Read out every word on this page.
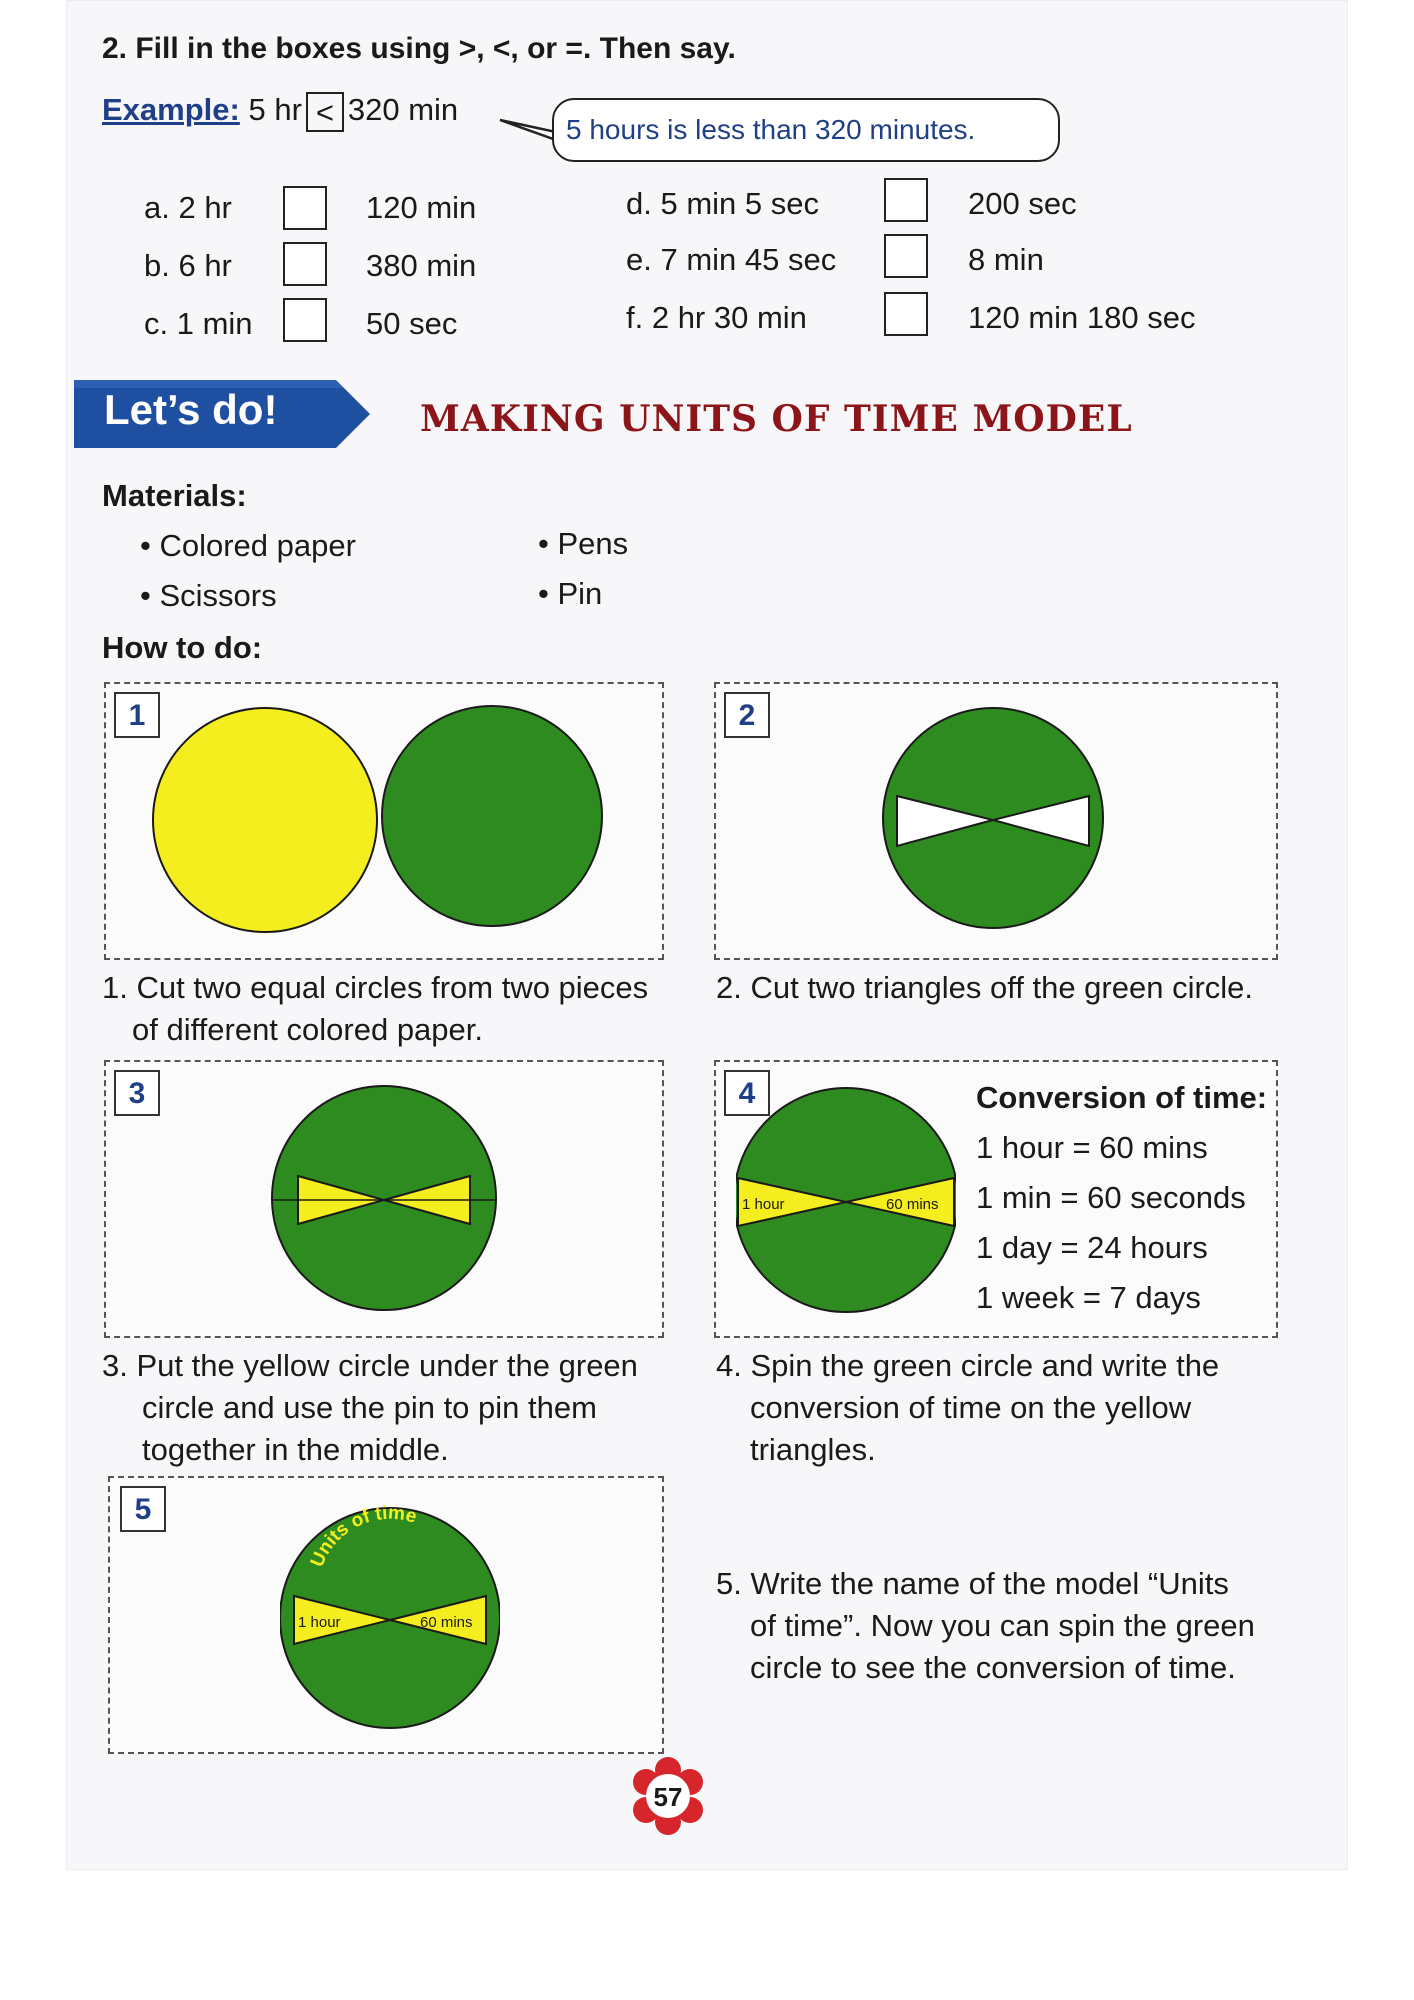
2. Fill in the boxes using >, <, or =. Then say.
Example: 5 hr < 320 min
5 hours is less than 320 minutes.
a. 2 hr	120 min
b. 6 hr	380 min
c. 1 min	50 sec
d. 5 min 5 sec	200 sec
e. 7 min 45 sec	8 min
f. 2 hr 30 min	120 min 180 sec
Let’s do!	MAKING UNITS OF TIME MODEL
Materials:
• Colored paper
• Scissors
• Pens
• Pin
How to do:
1
1. Cut two equal circles from two pieces
of different colored paper.
2
2. Cut two triangles off the green circle.
3
3. Put the yellow circle under the green
circle and use the pin to pin them
together in the middle.
4
1 hour	60 mins
Conversion of time:
1 hour = 60 mins
1 min = 60 seconds
1 day = 24 hours
1 week = 7 days
4. Spin the green circle and write the
conversion of time on the yellow
triangles.
5
1 hour	60 mins
Units of time
5. Write the name of the model “Units
of time”. Now you can spin the green
circle to see the conversion of time.
57
